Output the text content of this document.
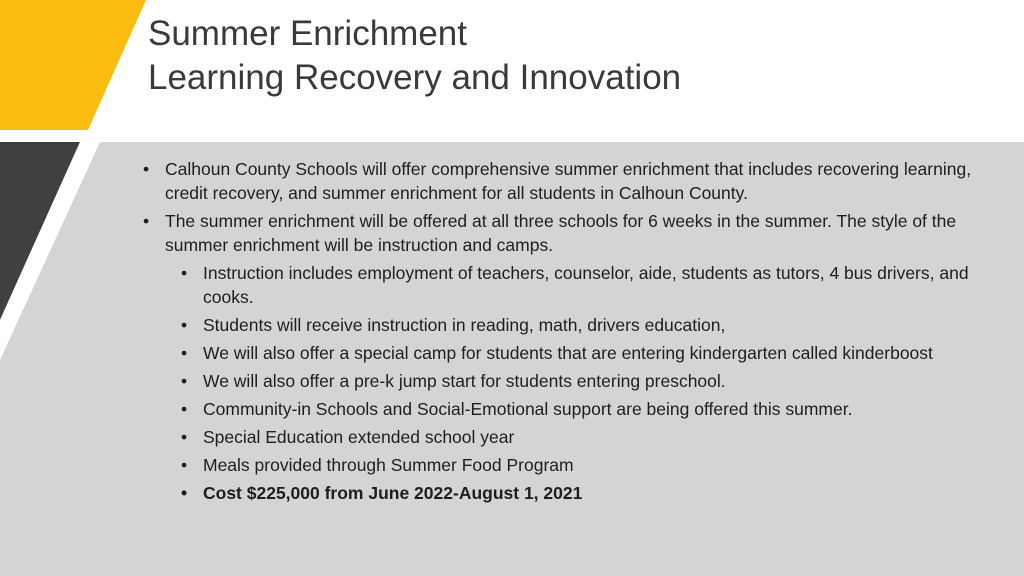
Summer Enrichment
Learning Recovery and Innovation
• Calhoun County Schools will offer comprehensive summer enrichment that includes recovering learning, credit recovery, and summer enrichment for all students in Calhoun County.
• The summer enrichment will be offered at all three schools for 6 weeks in the summer. The style of the summer enrichment will be instruction and camps.
• Instruction includes employment of teachers, counselor, aide, students as tutors, 4 bus drivers, and cooks.
• Students will receive instruction in reading, math, drivers education,
• We will also offer a special camp for students that are entering kindergarten called kinderboost
• We will also offer a pre-k jump start for students entering preschool.
• Community-in Schools and Social-Emotional support are being offered this summer.
• Special Education extended school year
• Meals provided through Summer Food Program
• Cost $225,000 from June 2022-August 1, 2021
